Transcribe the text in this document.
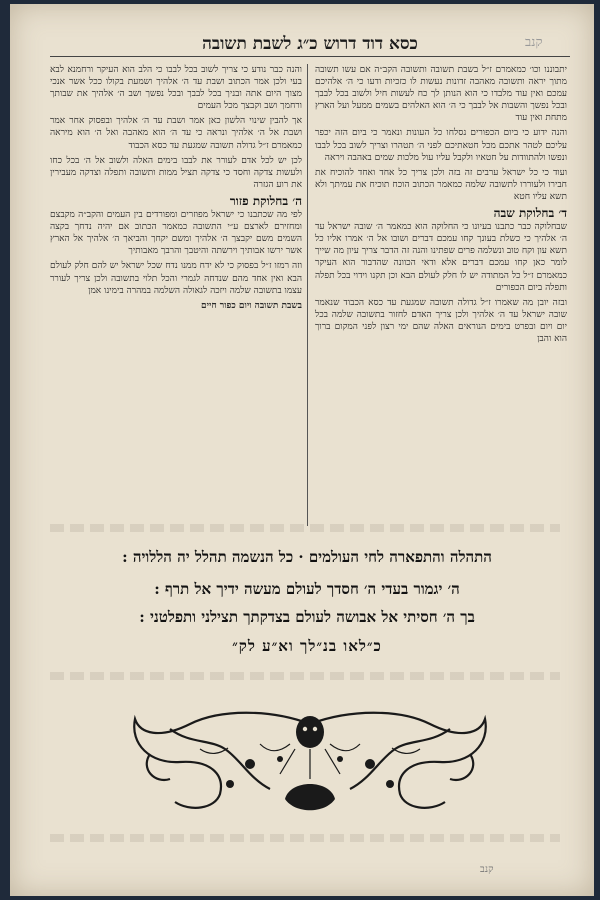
קנב
כסא דוד דרוש כ״ג לשבת תשובה

יתבוננו וכו׳ כמאמרם ז״ל בשבת תשובה ותשובה הקב״ה אם עשו תשובה מתוך יראה ותשובה מאהבה זדונות נעשות לו כזכיות ודעו כי ה׳ אלהיכם עמכם ואין עוד מלבדו כי הוא הנותן לך כח לעשות חיל ולשוב בכל לבבך ובכל נפשך והשבות אל לבבך כי ה׳ הוא האלהים בשמים ממעל ועל הארץ מתחת ואין עוד

והנה ידוע כי ביום הכפורים נסלחו כל העונות ונאמר כי ביום הזה יכפר עליכם לטהר אתכם מכל חטאתיכם לפני ה׳ תטהרו וצריך לשוב בכל לבבו ונפשו ולהתוודות על חטאיו ולקבל עליו עול מלכות שמים באהבה ויראה

ועוד כי כל ישראל ערבים זה בזה ולכן צריך כל אחד ואחד להוכיח את חבירו ולעוררו לתשובה שלמה כמאמר הכתוב הוכח תוכיח את עמיתך ולא תשא עליו חטא

ד׳ בחלוקת שבה

שבחלוקה כבר כתבנו בעיונו כי החלוקה הוא כמאמר ה׳ שובה ישראל עד ה׳ אלהיך כי כשלת בעונך קחו עמכם דברים ושובו אל ה׳ אמרו אליו כל תשא עון וקח טוב ונשלמה פרים שפתינו והנה זה הדבר צריך עיון מה שייך לומר כאן קחו עמכם דברים אלא ודאי הכוונה שהדבור הוא העיקר כמאמרם ז״ל כל המתודה יש לו חלק לעולם הבא וכן תקנו וידוי בכל תפלה ותפלה ביום הכפורים

ובזה יובן מה שאמרו ז״ל גדולה תשובה שמגעת עד כסא הכבוד שנאמר שובה ישראל עד ה׳ אלהיך ולכן צריך האדם לחזור בתשובה שלמה בכל יום ויום ובפרט בימים הנוראים האלה שהם ימי רצון לפני המקום ברוך הוא והבן

והנה כבר נודע כי צריך לשוב בכל לבבו כי הלב הוא העיקר ורחמנא לבא בעי ולכן אמר הכתוב ושבת עד ה׳ אלהיך ושמעת בקולו ככל אשר אנכי מצוך היום אתה ובניך בכל לבבך ובכל נפשך ושב ה׳ אלהיך את שבותך ורחמך ושב וקבצך מכל העמים

אך להבין שינוי הלשון כאן אמר ושבת עד ה׳ אלהיך ובפסוק אחר אמר ושבת אל ה׳ אלהיך ונראה כי עד ה׳ הוא מאהבה ואל ה׳ הוא מיראה כמאמרם ז״ל גדולה תשובה שמגעת עד כסא הכבוד

לכן יש לכל אדם לעורר את לבבו בימים האלה ולשוב אל ה׳ בכל כחו ולעשות צדקה וחסד כי צדקה תציל ממות ותשובה ותפלה וצדקה מעבירין את רוע הגזרה

ה׳ בחלוקת פזור

לפי מה שכתבנו כי ישראל מפוזרים ומפורדים בין העמים והקב״ה מקבצם ומחזירם לארצם ע״י התשובה כמאמר הכתוב אם יהיה נדחך בקצה השמים משם יקבצך ה׳ אלהיך ומשם יקחך והביאך ה׳ אלהיך אל הארץ אשר ירשו אבותיך וירשתה והיטבך והרבך מאבותיך

וזה רמזו ז״ל בפסוק כי לא ידח ממנו נדח שכל ישראל יש להם חלק לעולם הבא ואין אחד מהם שנדחה לגמרי והכל תלוי בתשובה ולכן צריך לעורר עצמו בתשובה שלמה ויזכה לגאולה השלמה במהרה בימינו אמן

בשבת תשובה ויום כפור חיים

התהלה והתפארה לחי העולמים · כל הנשמה תהלל יה הללויה :
ה׳ יגמור בעדי ה׳ חסדך לעולם מעשה ידיך אל תרף :
בך ה׳ חסיתי אל אבושה לעולם בצדקתך תצילני ותפלטני :
כ״לאו בנ״לך וא״ע לק״
קנב
